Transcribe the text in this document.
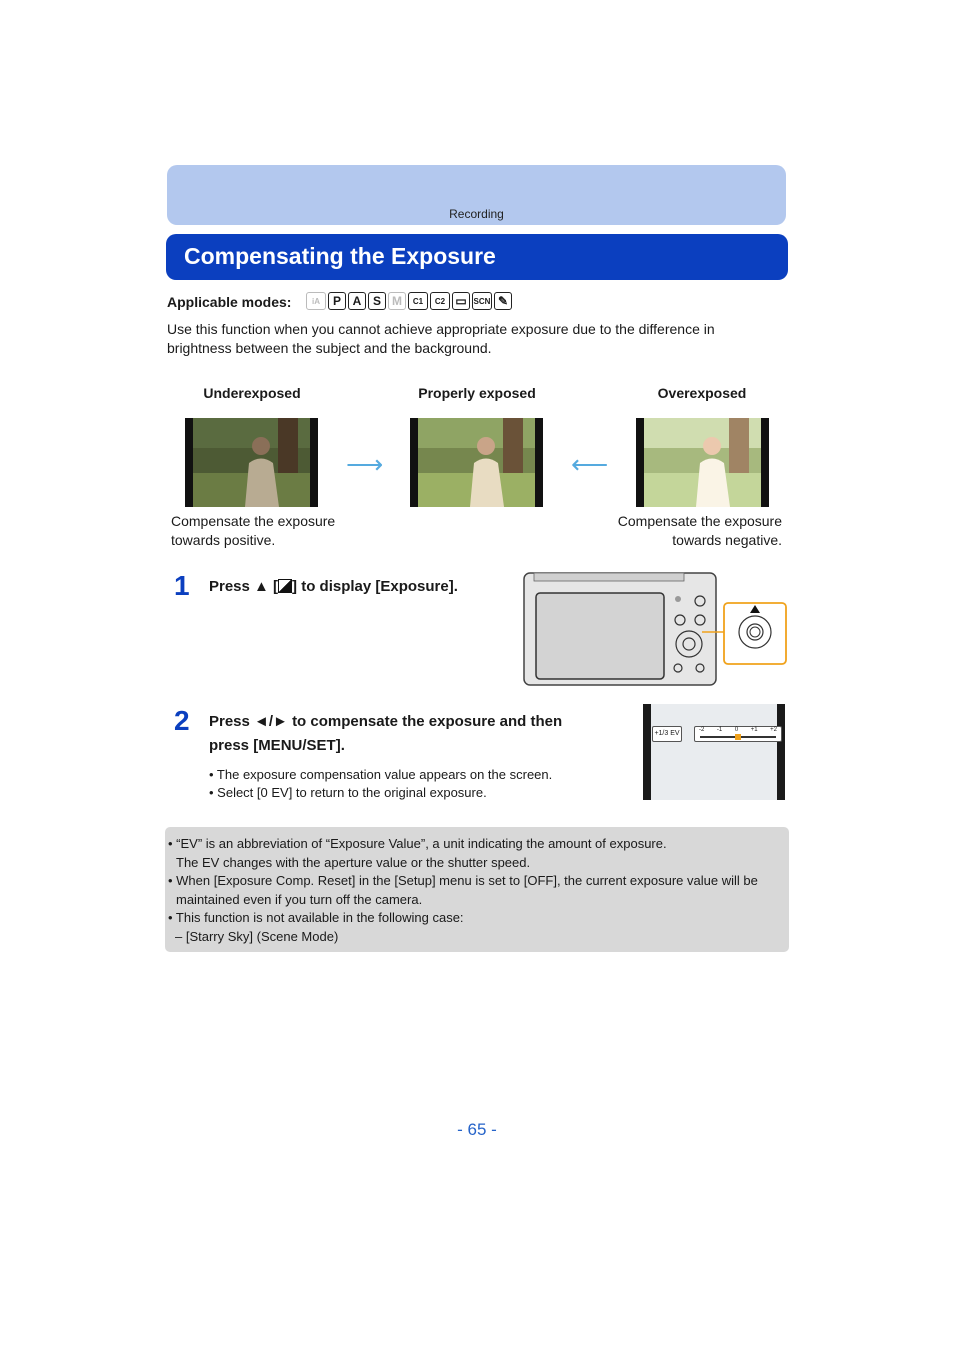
Recording
Compensating the Exposure
Applicable modes:	iA	P A S M	C1	C2 ▭ SCN ✎
Use this function when you cannot achieve appropriate exposure due to the difference in brightness between the subject and the background.
Underexposed	Properly exposed	Overexposed
⟶	⟵
Compensate the exposure
towards positive.
Compensate the exposure
towards negative.
1 Press ▲ [ ] to display [Exposure].
2 Press ◄/► to compensate the exposure and then
press [MENU/SET].
• The exposure compensation value appears on the screen.
• Select [0 EV] to return to the original exposure.
+1/3 EV	-2 -1 0 +1 +2
• “EV” is an abbreviation of “Exposure Value”, a unit indicating the amount of exposure.
The EV changes with the aperture value or the shutter speed.
• When [Exposure Comp. Reset] in the [Setup] menu is set to [OFF], the current exposure value will be maintained even if you turn off the camera.
• This function is not available in the following case:
– [Starry Sky] (Scene Mode)
- 65 -
